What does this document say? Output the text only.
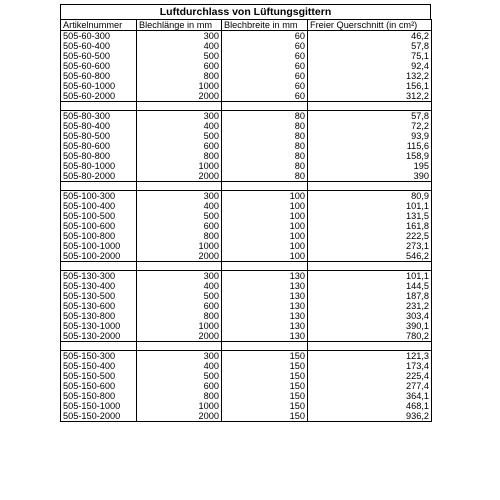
Luftdurchlass von Lüftungsgittern
Artikelnummer	Blechlänge in mm	Blechbreite in mm	Freier Querschnitt (in cm²)
505-60-300	300	60	46,2
505-60-400	400	60	57,8
505-60-500	500	60	75,1
505-60-600	600	60	92,4
505-60-800	800	60	132,2
505-60-1000	1000	60	156,1
505-60-2000	2000	60	312,2

505-80-300	300	80	57,8
505-80-400	400	80	72,2
505-80-500	500	80	93,9
505-80-600	600	80	115,6
505-80-800	800	80	158,9
505-80-1000	1000	80	195
505-80-2000	2000	80	390

505-100-300	300	100	80,9
505-100-400	400	100	101,1
505-100-500	500	100	131,5
505-100-600	600	100	161,8
505-100-800	800	100	222,5
505-100-1000	1000	100	273,1
505-100-2000	2000	100	546,2

505-130-300	300	130	101,1
505-130-400	400	130	144,5
505-130-500	500	130	187,8
505-130-600	600	130	231,2
505-130-800	800	130	303,4
505-130-1000	1000	130	390,1
505-130-2000	2000	130	780,2

505-150-300	300	150	121,3
505-150-400	400	150	173,4
505-150-500	500	150	225,4
505-150-600	600	150	277,4
505-150-800	800	150	364,1
505-150-1000	1000	150	468,1
505-150-2000	2000	150	936,2
